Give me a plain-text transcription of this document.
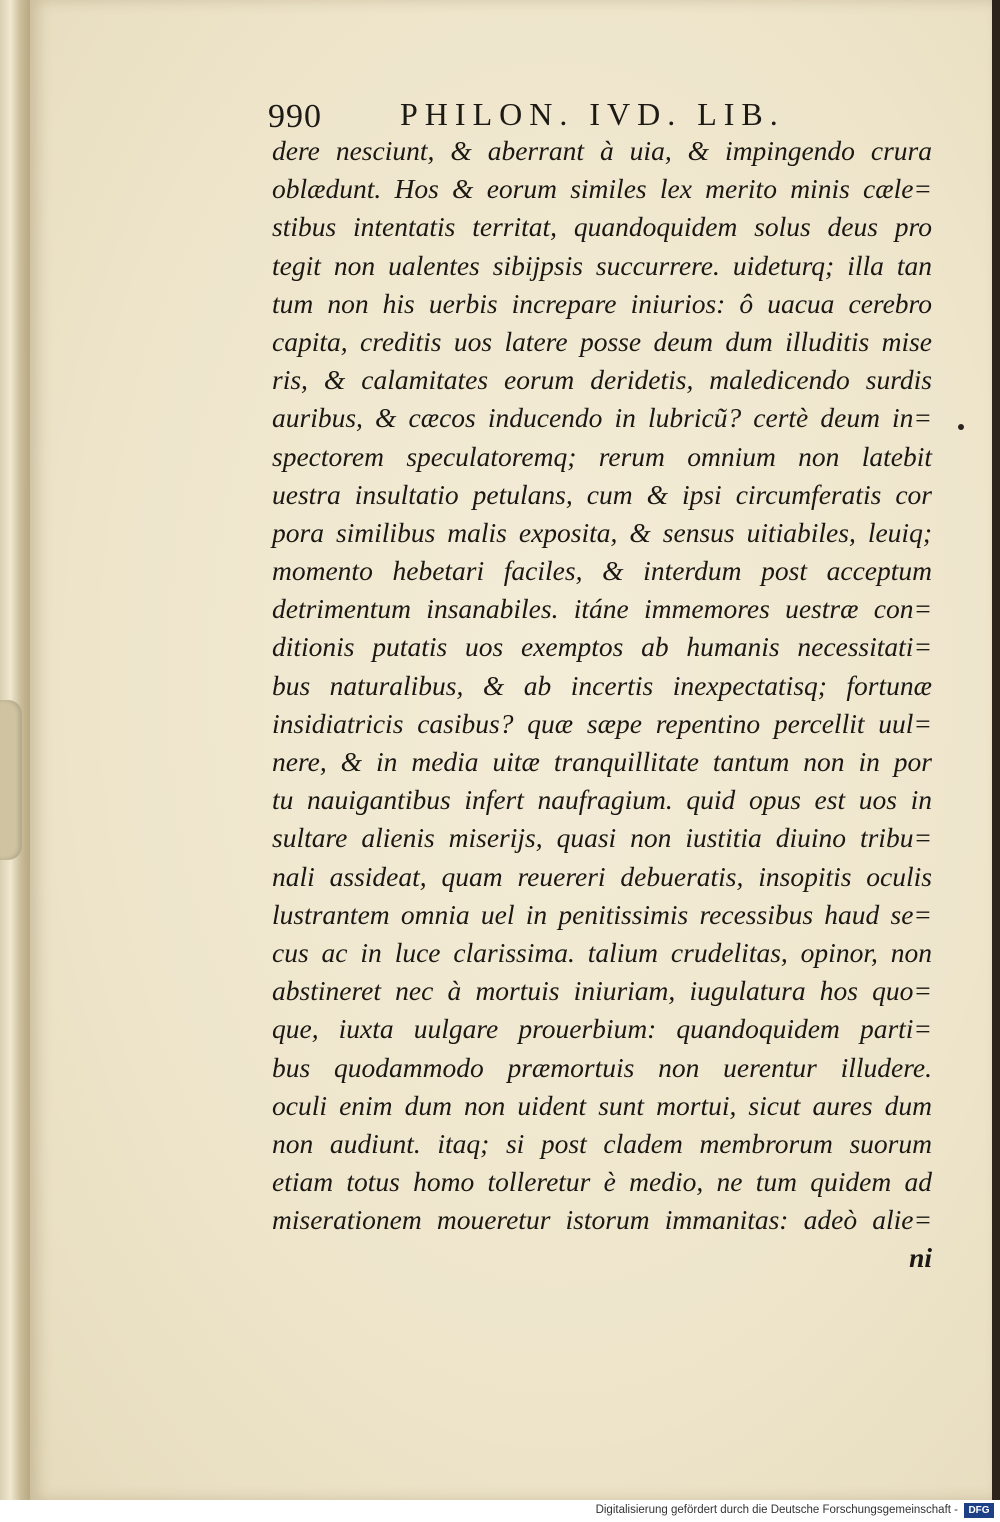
990 PHILON. IVD. LIB.
dere nesciunt, & aberrant à uia, & impingendo crura
oblædunt. Hos & eorum similes lex merito minis cæle=
stibus intentatis territat, quandoquidem solus deus pro
tegit non ualentes sibijpsis succurrere. uideturq; illa tan
tum non his uerbis increpare iniurios: ô uacua cerebro
capita, creditis uos latere posse deum dum illuditis mise
ris, & calamitates eorum deridetis, maledicendo surdis
auribus, & cæcos inducendo in lubricũ? certè deum in=
spectorem speculatoremq; rerum omnium non latebit
uestra insultatio petulans, cum & ipsi circumferatis cor
pora similibus malis exposita, & sensus uitiabiles, leuiq;
momento hebetari faciles, & interdum post acceptum
detrimentum insanabiles. itáne immemores uestræ con=
ditionis putatis uos exemptos ab humanis necessitati=
bus naturalibus, & ab incertis inexpectatisq; fortunæ
insidiatricis casibus? quæ sæpe repentino percellit uul=
nere, & in media uitæ tranquillitate tantum non in por
tu nauigantibus infert naufragium. quid opus est uos in
sultare alienis miserijs, quasi non iustitia diuino tribu=
nali assideat, quam reuereri debueratis, insopitis oculis
lustrantem omnia uel in penitissimis recessibus haud se=
cus ac in luce clarissima. talium crudelitas, opinor, non
abstineret nec à mortuis iniuriam, iugulatura hos quo=
que, iuxta uulgare prouerbium: quandoquidem parti=
bus quodammodo præmortuis non uerentur illudere.
oculi enim dum non uident sunt mortui, sicut aures dum
non audiunt. itaq; si post cladem membrorum suorum
etiam totus homo tolleretur è medio, ne tum quidem ad
miserationem moueretur istorum immanitas: adeò alie=
ni
Digitalisierung gefördert durch die Deutsche Forschungsgemeinschaft -	DFG
